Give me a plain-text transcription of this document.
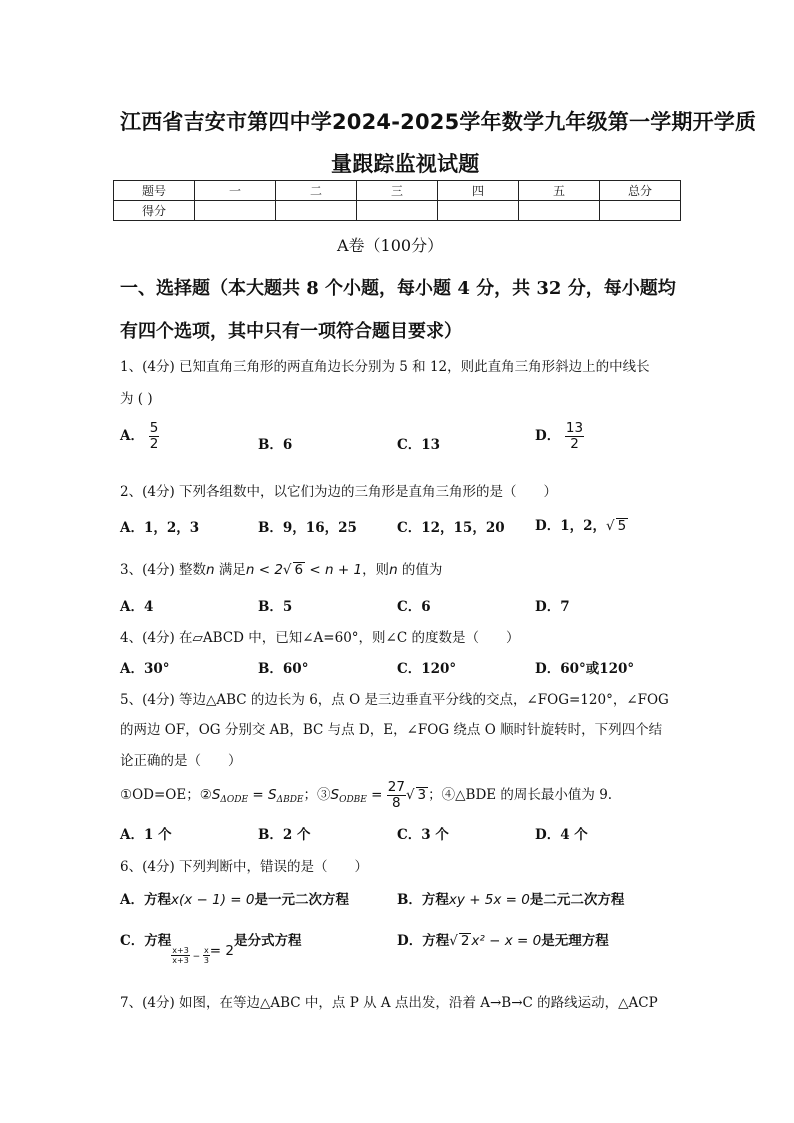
江西省吉安市第四中学2024-2025学年数学九年级第一学期开学质
量跟踪监视试题
题号	一	二	三	四	五	总分
得分						
A卷（100分）
一、选择题（本大题共 8 个小题，每小题 4 分，共 32 分，每小题均
有四个选项，其中只有一项符合题目要求）
1、(4分) 已知直角三角形的两直角边长分别为 5 和 12，则此直角三角形斜边上的中线长
为 ( )
A． $\frac{5}{2}$	B．6	C．13
D． $\frac{13}{2}$
2、(4分) 下列各组数中，以它们为边的三角形是直角三角形的是（　　）
A．1，2，3	B．9，16，25	C．12，15，20 D．1，2，√ 5
3、(4分) 整数n 满足n < 2√ 6 < n + 1，则n 的值为
A．4	B．5	C．6	D．7
4、(4分) 在▱ABCD 中，已知∠A=60°，则∠C 的度数是（　　）
A．30°	B．60°	C．120°	D．60°或120°
5、(4分) 等边△ABC 的边长为 6，点 O 是三边垂直平分线的交点，∠FOG=120°，∠FOG
的两边 OF，OG 分别交 AB，BC 与点 D，E，∠FOG 绕点 O 顺时针旋转时，下列四个结
论正确的是（　　）
①OD=OE；$②S_{\Delta ODE} = S_{\Delta BDE}$；$③S_{ODBE} = \frac{27}{8}$ √ 3 ；④△BDE 的周长最小值为 9.
A．1 个	B．2 个	C．3 个	D．4 个
6、(4分) 下列判断中，错误的是（　　）
A．方程x(x − 1) = 0是一元二次方程	B．方程xy + 5x = 0是二元二次方程
C．方程
$\frac{x+3}{x+3} _- \frac{x}{3} = 2$是分式方程	D．方程√ 2 x² − x = 0是无理方程
7、(4分) 如图，在等边△ABC 中，点 P 从 A 点出发，沿着 A→B→C 的路线运动，△ACP
